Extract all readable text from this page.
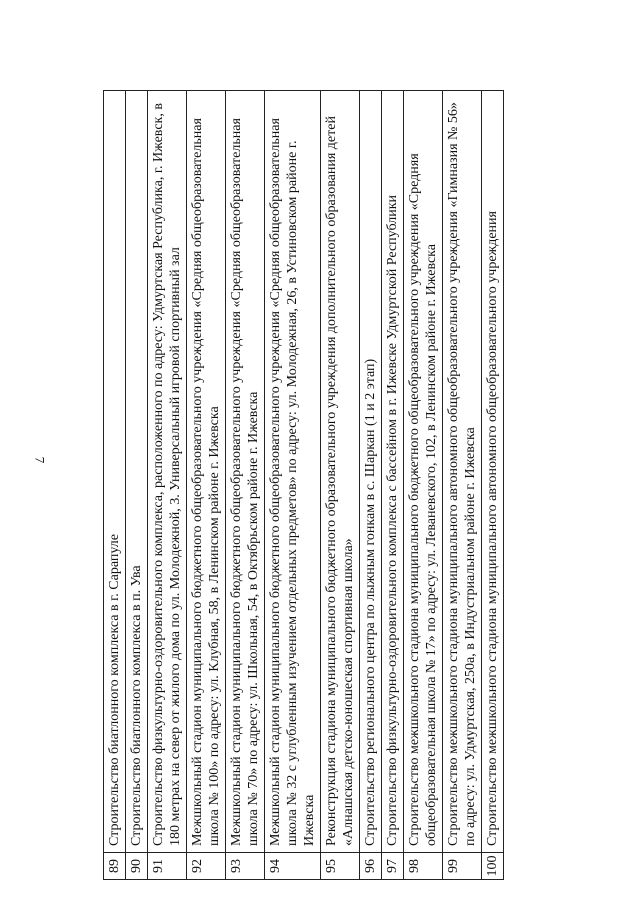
7
89	Строительство биатлонного комплекса в г. Сарапуле
90	Строительство биатлонного комплекса в п. Ува
91	Строительство физкультурно-оздоровительного комплекса, расположенного по адресу: Удмуртская Республика, г. Ижевск, в 180 метрах на север от жилого дома по ул. Молодежной, 3. Универсальный игровой спортивный зал
92	Межшкольный стадион муниципального бюджетного общеобразовательного учреждения «Средняя общеобразовательная школа № 100» по адресу: ул. Клубная, 58, в Ленинском районе г. Ижевска
93	Межшкольный стадион муниципального бюджетного общеобразовательного учреждения «Средняя общеобразовательная школа № 70» по адресу: ул. Школьная, 54, в Октябрьском районе г. Ижевска
94	Межшкольный стадион муниципального бюджетного общеобразовательного учреждения «Средняя общеобразовательная школа № 32 с углубленным изучением отдельных предметов» по адресу: ул. Молодежная, 26, в Устиновском районе г. Ижевска
95	Реконструкция стадиона муниципального бюджетного образовательного учреждения дополнительного образования детей «Алнашская детско-юношеская спортивная школа»
96	Строительство регионального центра по лыжным гонкам в с. Шаркан (1 и 2 этап)
97	Строительство физкультурно-оздоровительного комплекса с бассейном в г. Ижевске Удмуртской Республики
98	Строительство межшкольного стадиона муниципального бюджетного общеобразовательного учреждения «Средняя общеобразовательная школа № 17» по адресу: ул. Леваневского, 102, в Ленинском районе г. Ижевска
99	Строительство межшкольного стадиона муниципального автономного общеобразовательного учреждения «Гимназия № 56» по адресу: ул. Удмуртская, 250а, в Индустриальном районе г. Ижевска
100	Строительство межшкольного стадиона муниципального автономного общеобразовательного учреждения
